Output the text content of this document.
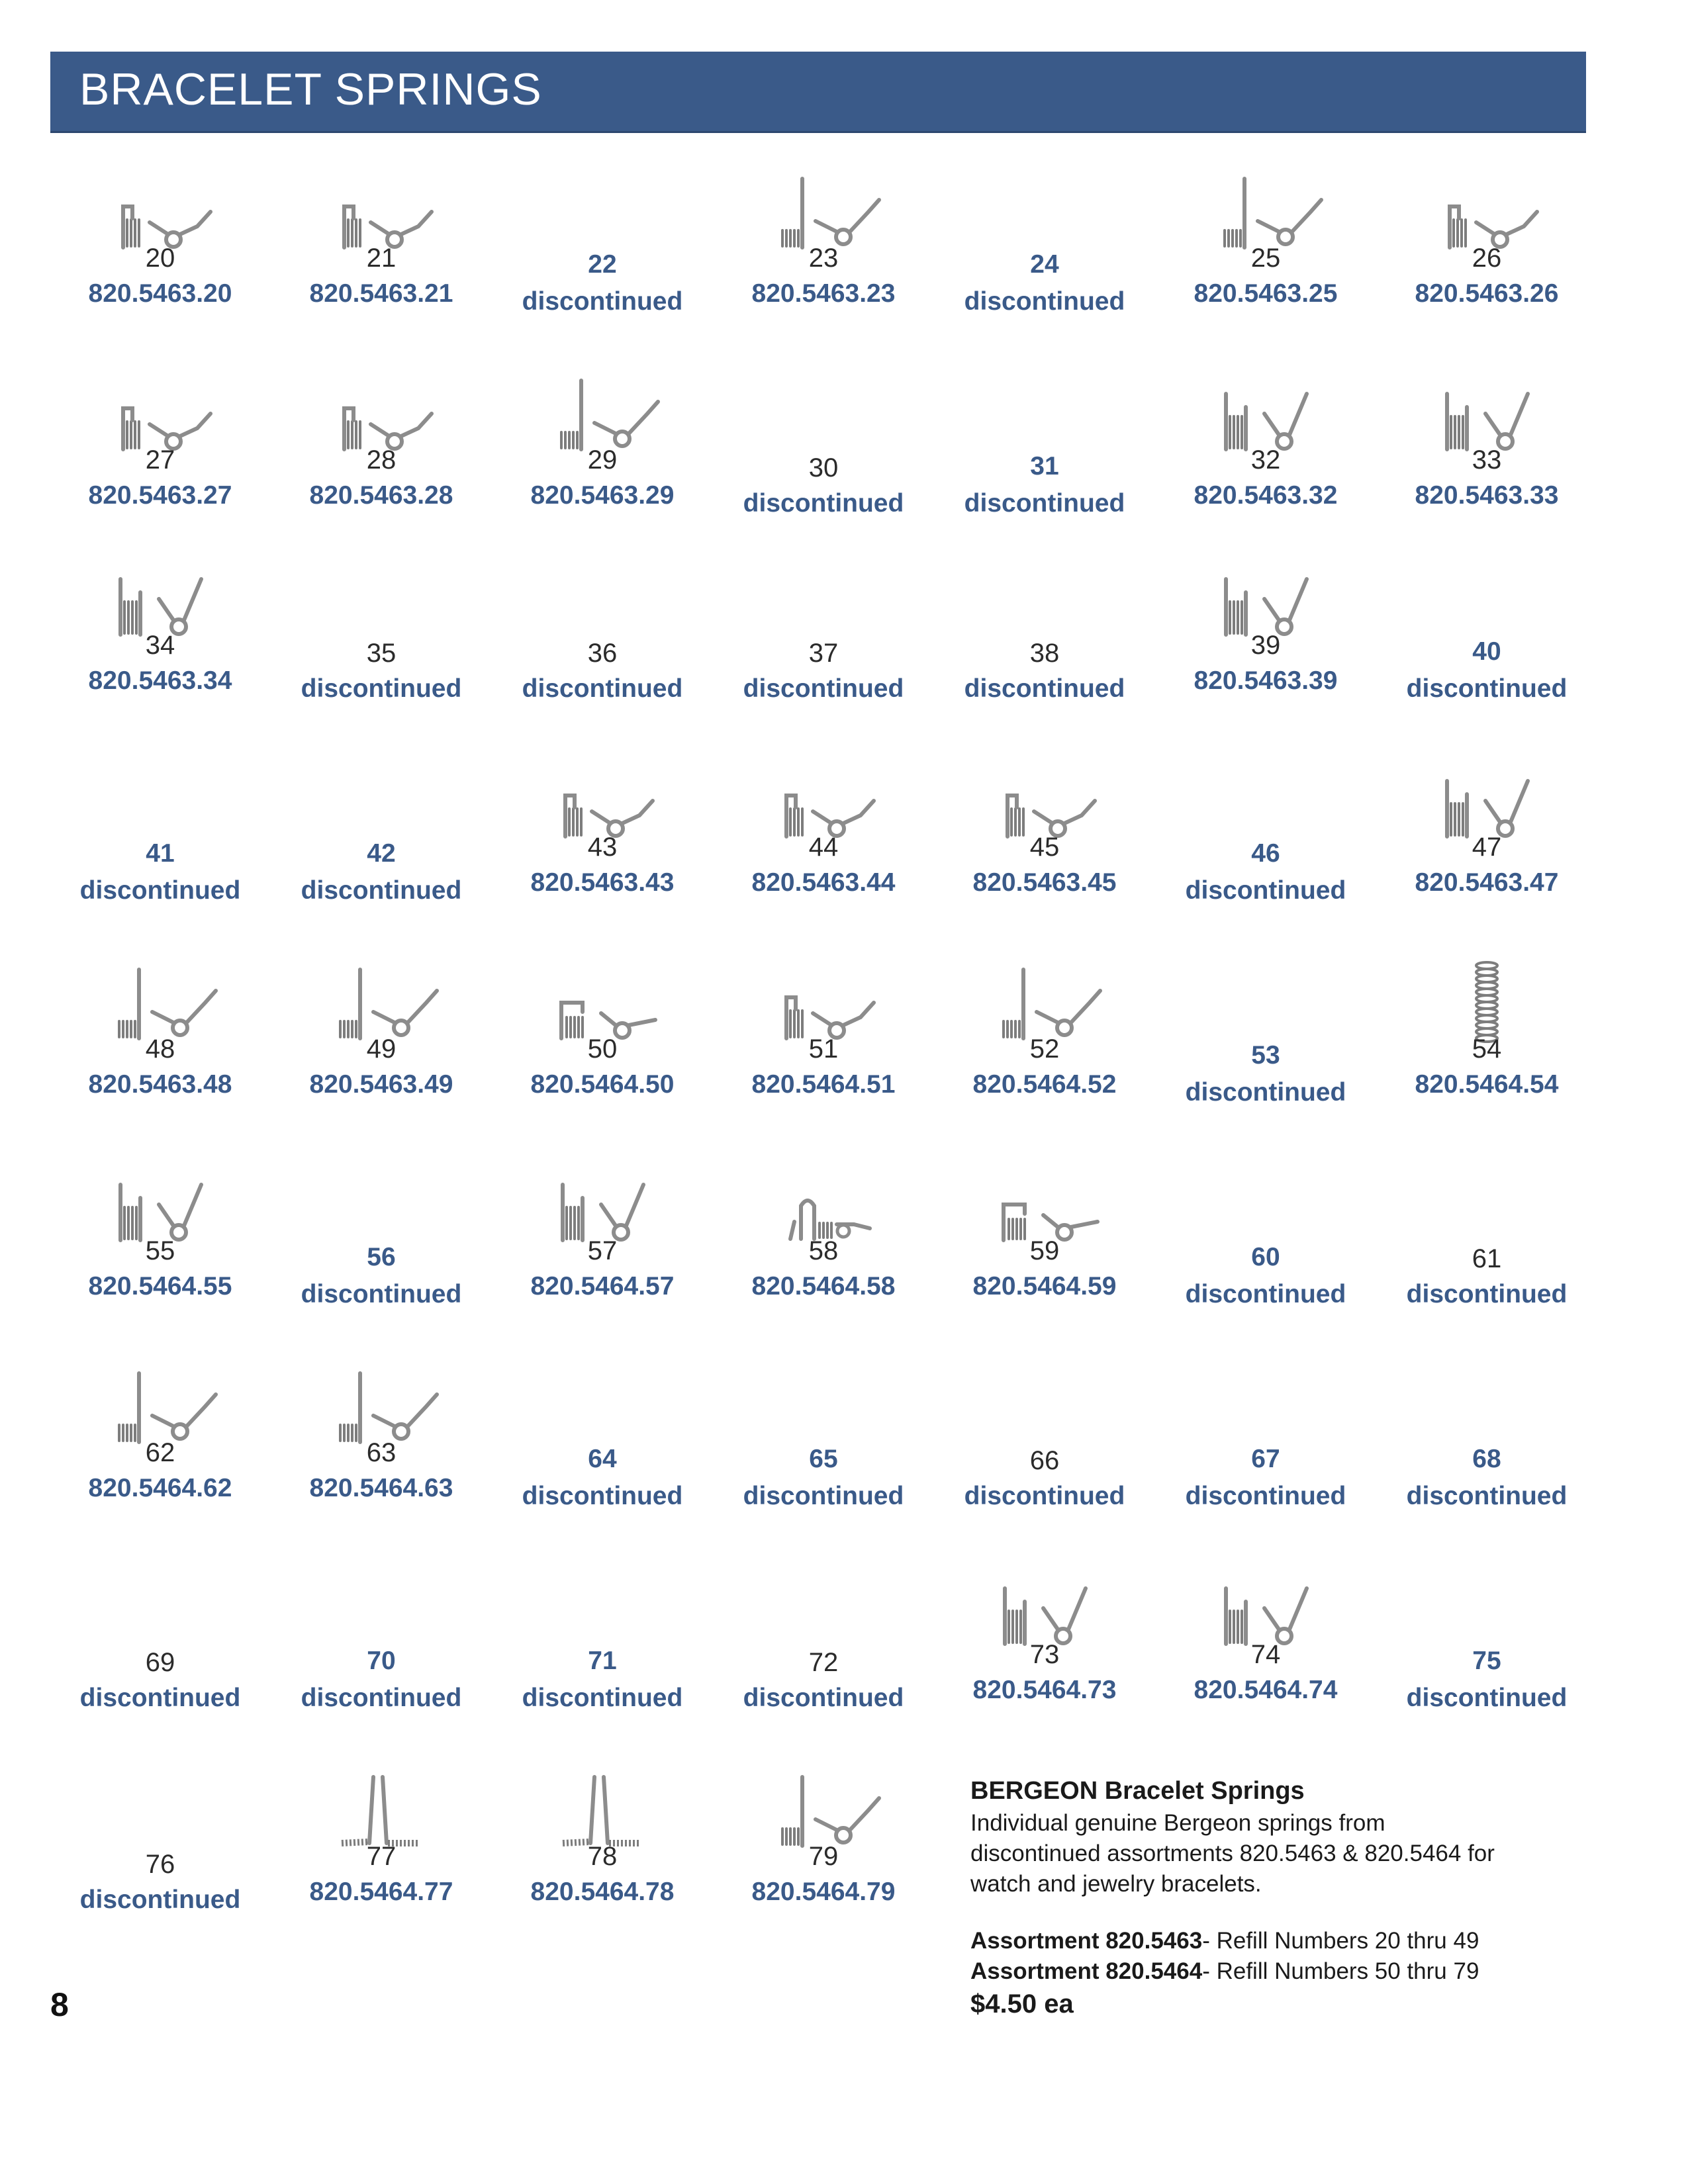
BRACELET SPRINGS
20
820.5463.20
21
820.5463.21
22
discontinued
23
820.5463.23
24
discontinued
25
820.5463.25
26
820.5463.26
27
820.5463.27
28
820.5463.28
29
820.5463.29
30
discontinued
31
discontinued
32
820.5463.32
33
820.5463.33
34
820.5463.34
35
discontinued
36
discontinued
37
discontinued
38
discontinued
39
820.5463.39
40
discontinued
41
discontinued
42
discontinued
43
820.5463.43
44
820.5463.44
45
820.5463.45
46
discontinued
47
820.5463.47
48
820.5463.48
49
820.5463.49
50
820.5464.50
51
820.5464.51
52
820.5464.52
53
discontinued
54
820.5464.54
55
820.5464.55
56
discontinued
57
820.5464.57
58
820.5464.58
59
820.5464.59
60
discontinued
61
discontinued
62
820.5464.62
63
820.5464.63
64
discontinued
65
discontinued
66
discontinued
67
discontinued
68
discontinued
69
discontinued
70
discontinued
71
discontinued
72
discontinued
73
820.5464.73
74
820.5464.74
75
discontinued
76
discontinued
77
820.5464.77
78
820.5464.78
79
820.5464.79
BERGEON Bracelet Springs
Individual genuine Bergeon springs from discontinued assortments 820.5463 & 820.5464 for watch and jewelry bracelets.
Assortment 820.5463- Refill Numbers 20 thru 49
Assortment 820.5464- Refill Numbers 50 thru 79
$4.50 ea
8
